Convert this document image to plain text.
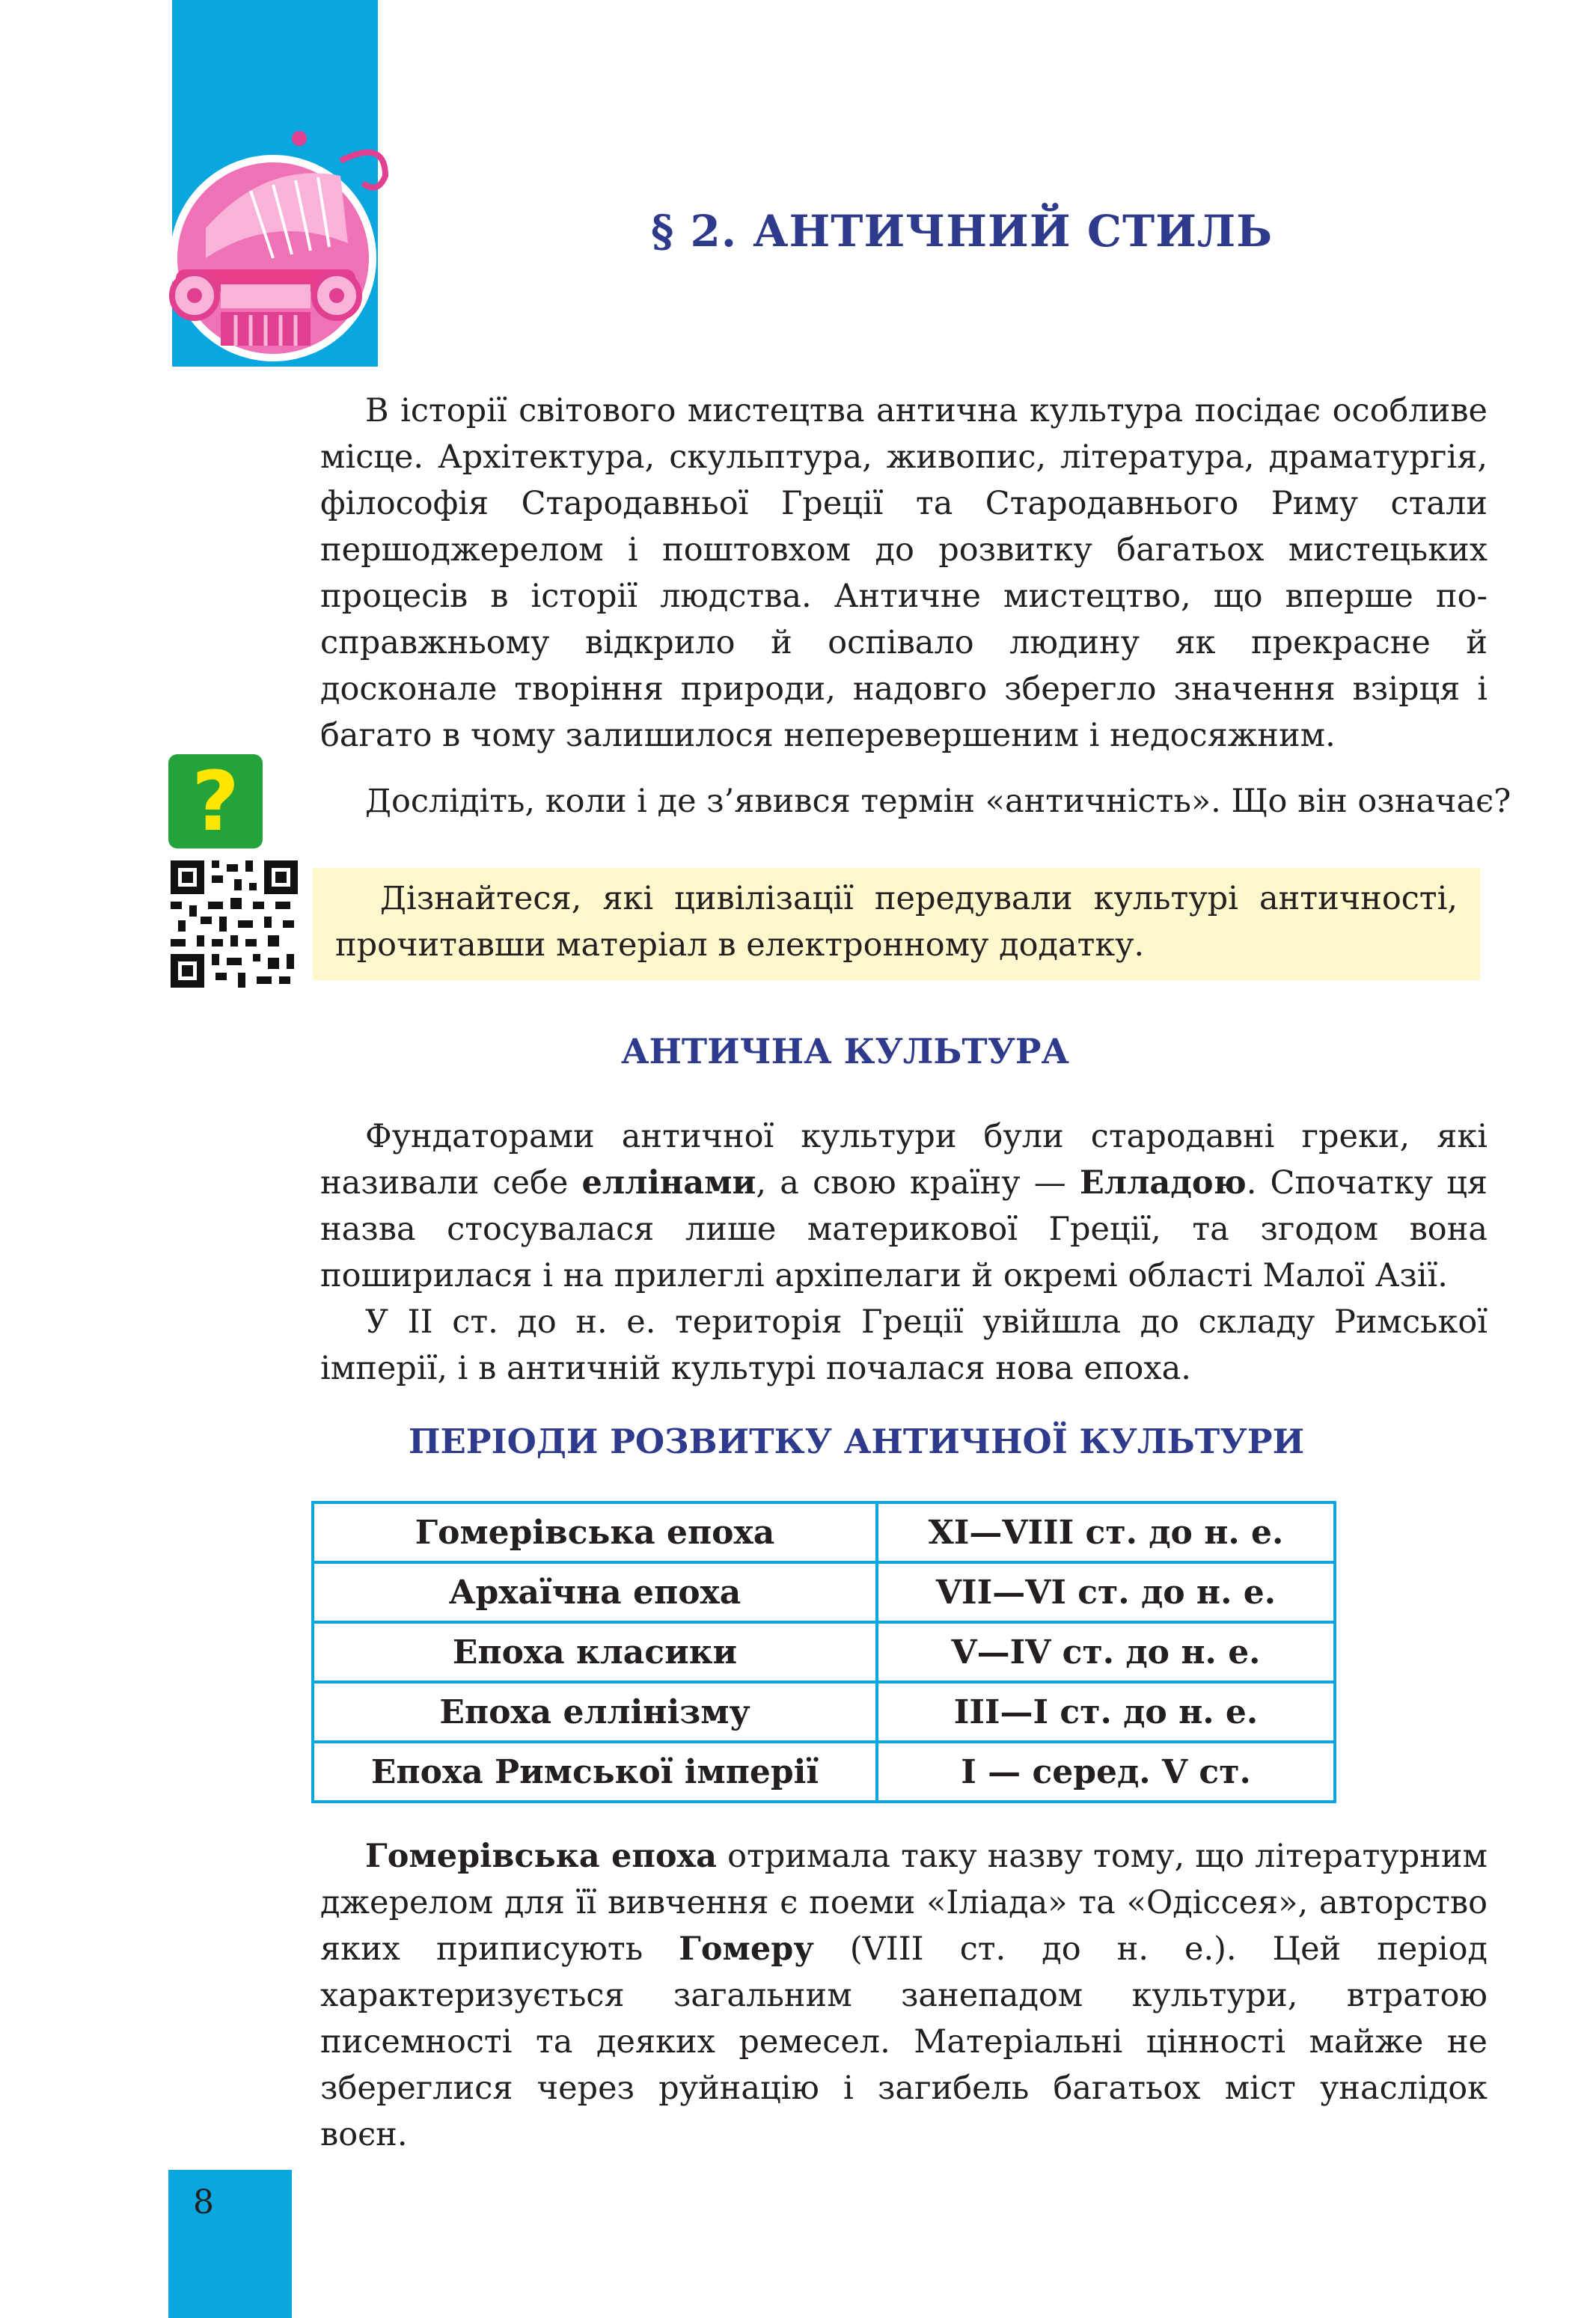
§ 2. АНТИЧНИЙ СТИЛЬ

В історії світового мистецтва антична культура посідає особливе місце. Архітектура, скульптура, живопис, література, драматургія, філософія Стародавньої Греції та Стародавнього Риму стали першоджерелом і поштовхом до розвитку багатьох мистецьких процесів в історії людства. Античне мистецтво, що вперше по-справжньому відкрило й оспівало людину як прекрасне й досконале творіння природи, надовго зберегло значення взірця і багато в чому залишилося неперевершеним і недосяжним.

?	Дослідіть, коли і де з’явився термін «античність». Що він означає?

Дізнайтеся, які цивілізації передували культурі античності, прочитавши матеріал в електронному додатку.

АНТИЧНА КУЛЬТУРА

Фундаторами античної культури були стародавні греки, які називали себе еллінами, а свою країну — Елладою. Спочатку ця назва стосувалася лише материкової Греції, та згодом вона поширилася і на прилеглі архіпелаги й окремі області Малої Азії.

У II ст. до н. е. територія Греції увійшла до складу Римської імперії, і в античній культурі почалася нова епоха.

ПЕРІОДИ РОЗВИТКУ АНТИЧНОЇ КУЛЬТУРИ
Гомерівська епоха	XI—VIII ст. до н. е.
Архаїчна епоха	VII—VI ст. до н. е.
Епоха класики	V—IV ст. до н. е.
Епоха еллінізму	III—I ст. до н. е.
Епоха Римської імперії	I — серед. V ст.

Гомерівська епоха отримала таку назву тому, що літературним джерелом для її вивчення є поеми «Іліада» та «Одіссея», авторство яких приписують Гомеру (VIII ст. до н. е.). Цей період характеризується загальним занепадом культури, втратою писемності та деяких ремесел. Матеріальні цінності майже не збереглися через руйнацію і загибель багатьох міст унаслідок воєн.

8
